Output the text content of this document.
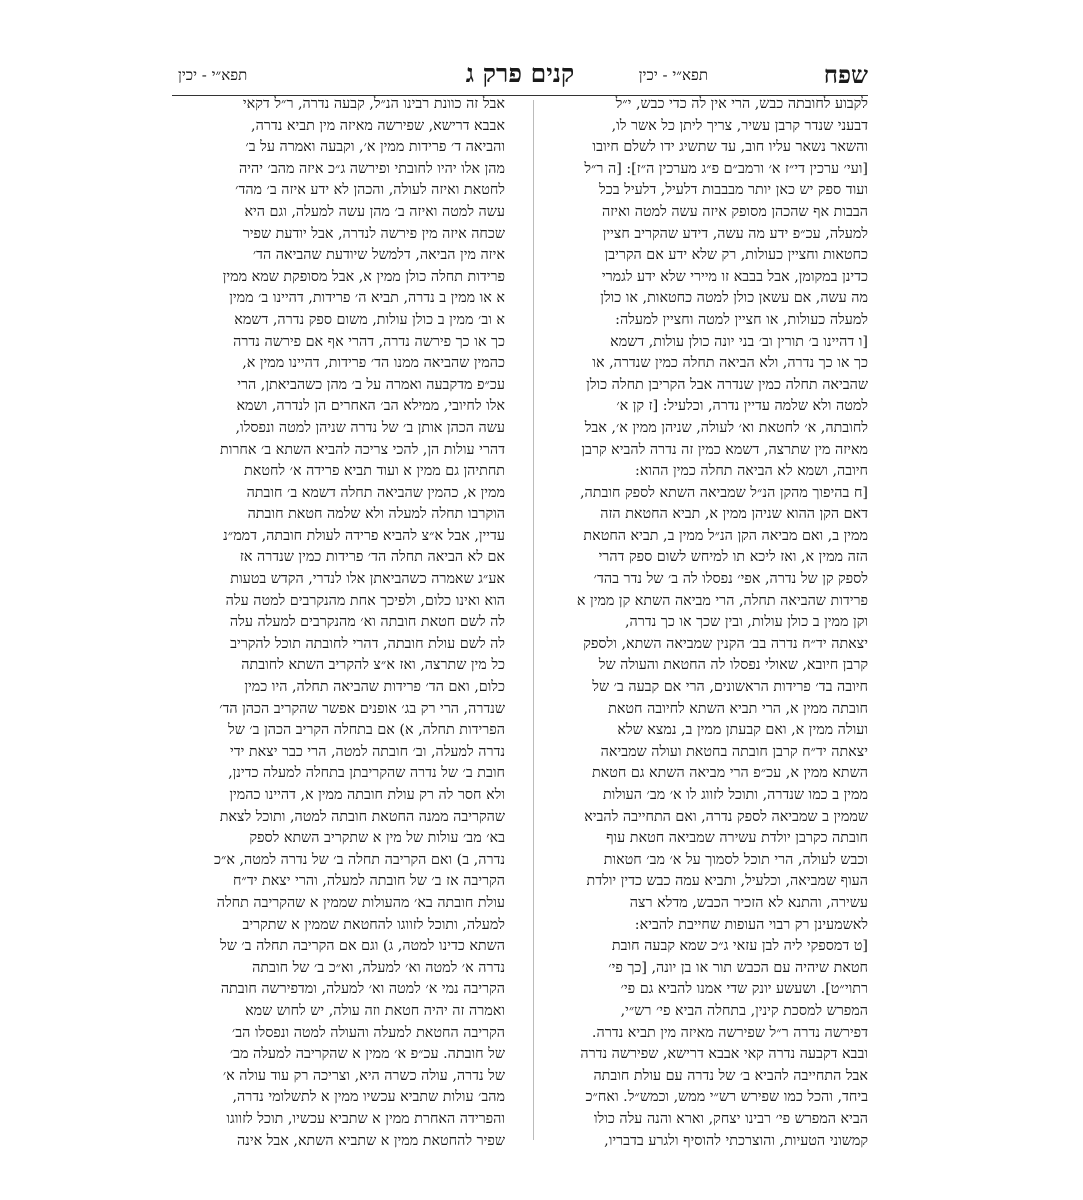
שפח
תפא״י - יכין
קנים פרק ג
תפא״י - יכין
לקבוע לחובתה כבש, הרי אין לה כדי כבש, י״ל
דבעני שנדר קרבן עשיר, צריך ליתן כל אשר לו,
והשאר נשאר עליו חוב, עד שתשיג ידו לשלם חיובו
[ועי׳ ערכין די״ז א׳ ורמב״ם פ״ג מערכין ה״ז]: [ה ר״ל
ועוד ספק יש כאן יותר מבבבות דלעיל, דלעיל בכל
הבבות אף שהכהן מסופק איזה עשה למטה ואיזה
למעלה, עכ״פ ידע מה עשה, דידע שהקריב חציין
כחטאות וחציין כעולות, רק שלא ידע אם הקריבן
כדינן במקומן, אבל בבבא זו מיירי שלא ידע לגמרי
מה עשה, אם עשאן כולן למטה כחטאות, או כולן
למעלה כעולות, או חציין למטה וחציין למעלה:
[ו דהיינו ב׳ תורין וב׳ בני יונה כולן עולות, דשמא
כך או כך נדרה, ולא הביאה תחלה כמין שנדרה, או
שהביאה תחלה כמין שנדרה אבל הקריבן תחלה כולן
למטה ולא שלמה עדיין נדרה, וכלעיל: [ז קן א׳
לחובתה, א׳ לחטאת וא׳ לעולה, שניהן ממין א׳, אבל
מאיזה מין שתרצה, דשמא כמין זה נדרה להביא קרבן
חיובה, ושמא לא הביאה תחלה כמין ההוא:
[ח בהיפוך מהקן הנ״ל שמביאה השתא לספק חובתה,
דאם הקן ההוא שניהן ממין א, תביא החטאת הזה
ממין ב, ואם מביאה הקן הנ״ל ממין ב, תביא החטאת
הזה ממין א, ואז ליכא תו למיחש לשום ספק דהרי
לספק קן של נדרה, אפי׳ נפסלו לה ב׳ של נדר בהד׳
פרידות שהביאה תחלה, הרי מביאה השתא קן ממין א
וקן ממין ב כולן עולות, ובין שכך או כך נדרה,
יצאתה יד״ח נדרה בב׳ הקנין שמביאה השתא, ולספק
קרבן חיובא, שאולי נפסלו לה החטאת והעולה של
חיובה בד׳ פרידות הראשונים, הרי אם קבעה ב׳ של
חובתה ממין א, הרי תביא השתא לחיובה חטאת
ועולה ממין א, ואם קבעתן ממין ב, נמצא שלא
יצאתה יד״ח קרבן חובתה בחטאת ועולה שמביאה
השתא ממין א, עכ״פ הרי מביאה השתא גם חטאת
ממין ב כמו שנדרה, ותוכל לזווג לו א׳ מב׳ העולות
שממין ב שמביאה לספק נדרה, ואם התחייבה להביא
חובתה כקרבן יולדת עשירה שמביאה חטאת עוף
וכבש לעולה, הרי תוכל לסמוך על א׳ מב׳ חטאות
העוף שמביאה, וכלעיל, ותביא עמה כבש כדין יולדת
עשירה, והתנא לא הזכיר הכבש, מדלא רצה
לאשמעינן רק רבוי העופות שחייבת להביא:
[ט דמספקי ליה לבן עזאי ג״כ שמא קבעה חובת
חטאת שיהיה עם הכבש תור או בן יונה, [כך פי׳
רתוי״ט]. ושעשע יונק שדי אמנו להביא גם פי׳
המפרש למסכת קינין, בתחלה הביא פי׳ רש״י,
דפירשה נדרה ר״ל שפירשה מאיזה מין תביא נדרה.
ובבא דקבעה נדרה קאי אבבא דרישא, שפירשה נדרה
אבל התחייבה להביא ב׳ של נדרה עם עולת חובתה
ביחד, והכל כמו שפירש רש״י ממש, וכמש״ל. ואח״כ
הביא המפרש פי׳ רבינו יצחק, וארא והנה עלה כולו
קמשוני הטעיות, והוצרכתי להוסיף ולגרע בדבריו,
אבל זה כוונת רבינו הנ״ל, קבעה נדרה, ר״ל דקאי
אבבא דרישא, שפירשה מאיזה מין תביא נדרה,
והביאה ד׳ פרידות ממין א׳, וקבעה ואמרה על ב׳
מהן אלו יהיו לחובתי ופירשה ג״כ איזה מהב׳ יהיה
לחטאת ואיזה לעולה, והכהן לא ידע איזה ב׳ מהד׳
עשה למטה ואיזה ב׳ מהן עשה למעלה, וגם היא
שכחה איזה מין פירשה לנדרה, אבל יודעת שפיר
איזה מין הביאה, דלמשל שיודעת שהביאה הד׳
פרידות תחלה כולן ממין א, אבל מסופקת שמא ממין
א או ממין ב נדרה, תביא ה׳ פרידות, דהיינו ב׳ ממין
א וב׳ ממין ב כולן עולות, משום ספק נדרה, דשמא
כך או כך פירשה נדרה, דהרי אף אם פירשה נדרה
כהמין שהביאה ממנו הד׳ פרידות, דהיינו ממין א,
עכ״פ מדקבעה ואמרה על ב׳ מהן כשהביאתן, הרי
אלו לחיובי, ממילא הב׳ האחרים הן לנדרה, ושמא
עשה הכהן אותן ב׳ של נדרה שניהן למטה ונפסלו,
דהרי עולות הן, להכי צריכה להביא השתא ב׳ אחרות
תחתיהן גם ממין א ועוד תביא פרידה א׳ לחטאת
ממין א, כהמין שהביאה תחלה דשמא ב׳ חובתה
הוקרבו תחלה למעלה ולא שלמה חטאת חובתה
עדיין, אבל א״צ להביא פרידה לעולת חובתה, דממ״נ
אם לא הביאה תחלה הד׳ פרידות כמין שנדרה אז
אע״ג שאמרה כשהביאתן אלו לנדרי, הקדש בטעות
הוא ואינו כלום, ולפיכך אחת מהנקרבים למטה עלה
לה לשם חטאת חובתה וא׳ מהנקרבים למעלה עלה
לה לשם עולת חובתה, דהרי לחובתה תוכל להקריב
כל מין שתרצה, ואז א״צ להקריב השתא לחובתה
כלום, ואם הד׳ פרידות שהביאה תחלה, היו כמין
שנדרה, הרי רק בג׳ אופנים אפשר שהקריב הכהן הד׳
הפרידות תחלה, א) אם בתחלה הקריב הכהן ב׳ של
נדרה למעלה, וב׳ חובתה למטה, הרי כבר יצאת ידי
חובת ב׳ של נדרה שהקריבתן בתחלה למעלה כדינן,
ולא חסר לה רק עולת חובתה ממין א, דהיינו כהמין
שהקריבה ממנה החטאת חובתה למטה, ותוכל לצאת
בא׳ מב׳ עולות של מין א שתקריב השתא לספק
נדרה, ב) ואם הקריבה תחלה ב׳ של נדרה למטה, א״כ
הקריבה אז ב׳ של חובתה למעלה, והרי יצאת יד״ח
עולת חובתה בא׳ מהעולות שממין א שהקריבה תחלה
למעלה, ותוכל לזווגו להחטאת שממין א שתקריב
השתא כדינו למטה, ג) וגם אם הקריבה תחלה ב׳ של
נדרה א׳ למטה וא׳ למעלה, וא״כ ב׳ של חובתה
הקריבה נמי א׳ למטה וא׳ למעלה, ומדפירשה חובתה
ואמרה זה יהיה חטאת וזה עולה, יש לחוש שמא
הקריבה החטאת למעלה והעולה למטה ונפסלו הב׳
של חובתה. עכ״פ א׳ ממין א שהקריבה למעלה מב׳
של נדרה, עולה כשרה היא, וצריכה רק עוד עולה א׳
מהב׳ עולות שתביא עכשיו ממין א לתשלומי נדרה,
והפרידה האחרת ממין א שתביא עכשיו, תוכל לזווגו
שפיר להחטאת ממין א שתביא השתא, אבל אינה
